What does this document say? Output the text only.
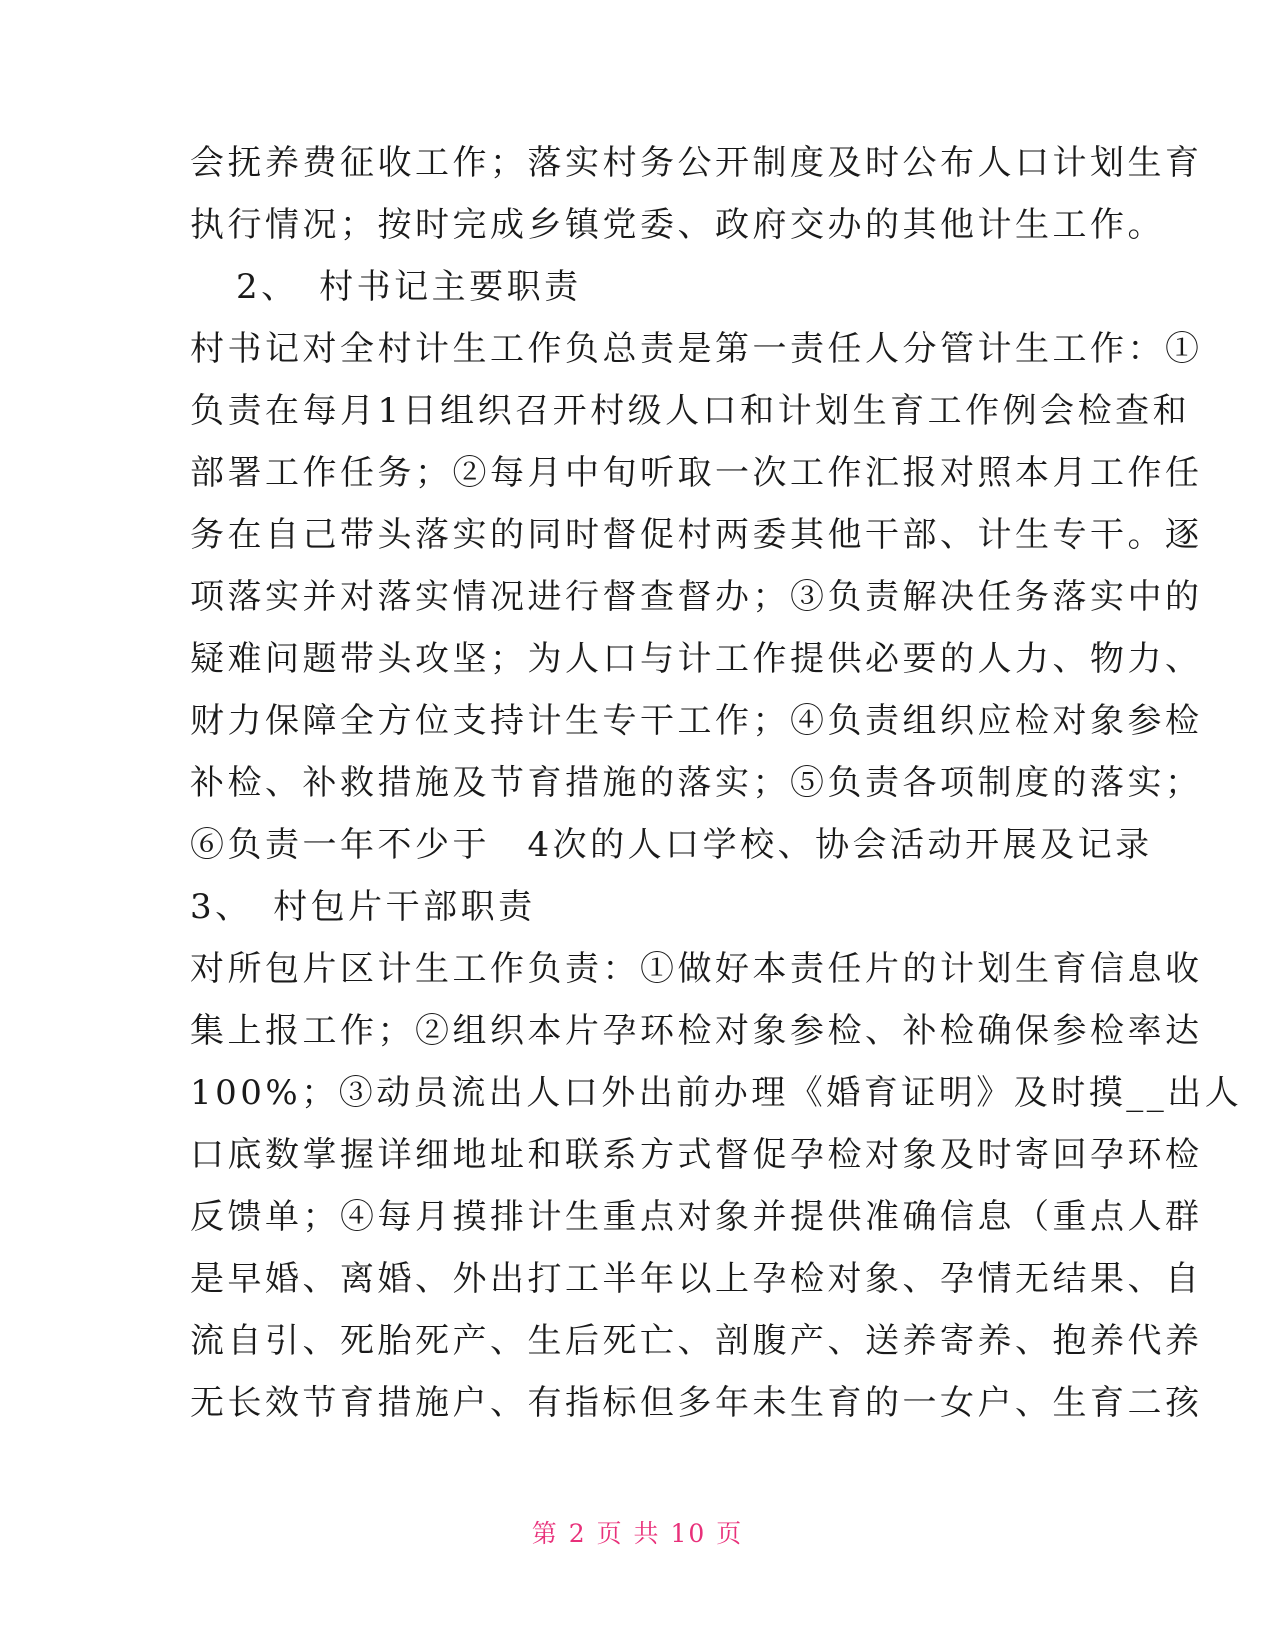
会抚养费征收工作；落实村务公开制度及时公布人口计划生育
执行情况；按时完成乡镇党委、政府交办的其他计生工作。
2、　村书记主要职责
村书记对全村计生工作负总责是第一责任人分管计生工作：①
负责在每月1日组织召开村级人口和计划生育工作例会检查和
部署工作任务；②每月中旬听取一次工作汇报对照本月工作任
务在自己带头落实的同时督促村两委其他干部、计生专干。逐
项落实并对落实情况进行督查督办；③负责解决任务落实中的
疑难问题带头攻坚；为人口与计工作提供必要的人力、物力、
财力保障全方位支持计生专干工作；④负责组织应检对象参检
补检、补救措施及节育措施的落实；⑤负责各项制度的落实；
⑥负责一年不少于　4次的人口学校、协会活动开展及记录
3、　村包片干部职责
对所包片区计生工作负责：①做好本责任片的计划生育信息收
集上报工作；②组织本片孕环检对象参检、补检确保参检率达
100%；③动员流出人口外出前办理《婚育证明》及时摸__出人
口底数掌握详细地址和联系方式督促孕检对象及时寄回孕环检
反馈单；④每月摸排计生重点对象并提供准确信息（重点人群
是早婚、离婚、外出打工半年以上孕检对象、孕情无结果、自
流自引、死胎死产、生后死亡、剖腹产、送养寄养、抱养代养
无长效节育措施户、有指标但多年未生育的一女户、生育二孩
第 2 页 共 10 页
